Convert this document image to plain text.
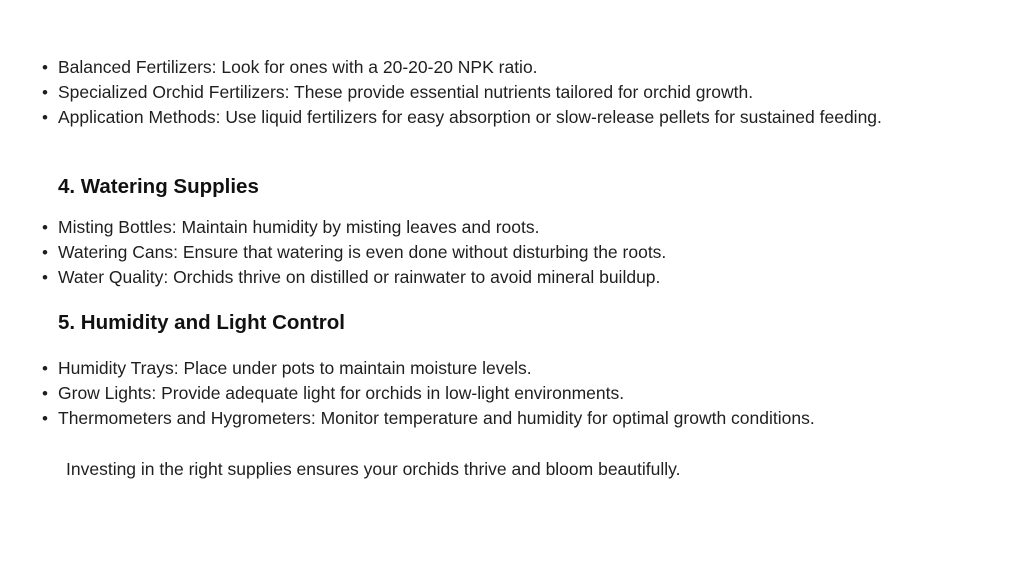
• Balanced Fertilizers: Look for ones with a 20-20-20 NPK ratio.
• Specialized Orchid Fertilizers: These provide essential nutrients tailored for orchid growth.
• Application Methods: Use liquid fertilizers for easy absorption or slow-release pellets for sustained feeding.
4. Watering Supplies
• Misting Bottles: Maintain humidity by misting leaves and roots.
• Watering Cans: Ensure that watering is even done without disturbing the roots.
• Water Quality: Orchids thrive on distilled or rainwater to avoid mineral buildup.
5. Humidity and Light Control
• Humidity Trays: Place under pots to maintain moisture levels.
• Grow Lights: Provide adequate light for orchids in low-light environments.
• Thermometers and Hygrometers: Monitor temperature and humidity for optimal growth conditions.

Investing in the right supplies ensures your orchids thrive and bloom beautifully.
